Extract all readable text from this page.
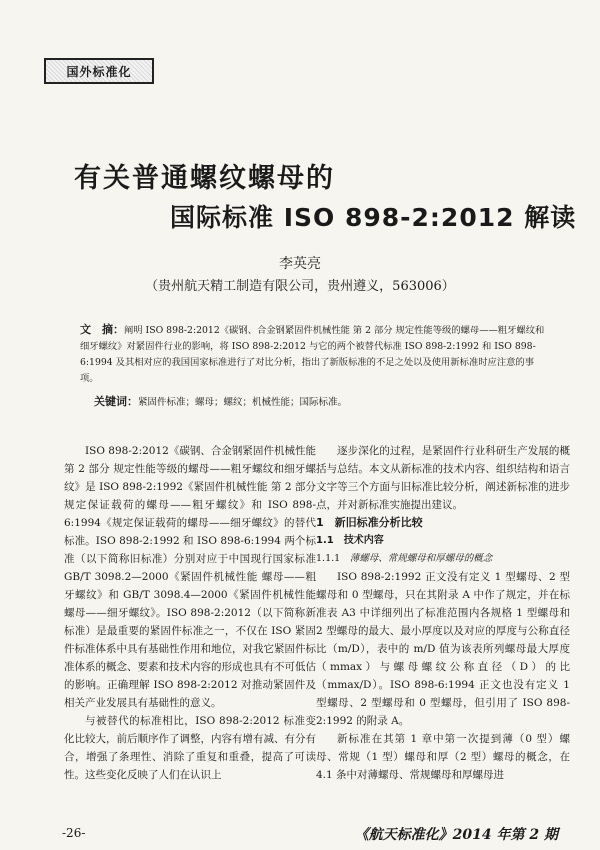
国外标准化
有关普通螺纹螺母的
国际标准 ISO 898-2:2012 解读
李英亮
（贵州航天精工制造有限公司，贵州遵义，563006）
文　摘：阐明 ISO 898-2:2012《碳钢、合金钢紧固件机械性能 第 2 部分 规定性能等级的螺母——粗牙螺纹和细牙螺纹》对紧固件行业的影响，将 ISO 898-2:2012 与它的两个被替代标准 ISO 898-2:1992 和 ISO 898-6:1994 及其相对应的我国国家标准进行了对比分析，指出了新版标准的不足之处以及使用新标准时应注意的事项。
关键词：紧固件标准；螺母；螺纹；机械性能；国际标准。

ISO 898-2:2012《碳钢、合金钢紧固件机械性能 第 2 部分 规定性能等级的螺母——粗牙螺纹和细牙螺纹》是 ISO 898-2:1992《紧固件机械性能 第 2 部分 规定保证载荷的螺母——粗牙螺纹》和 ISO 898-6:1994《规定保证载荷的螺母——细牙螺纹》的替代标准。ISO 898-2:1992 和 ISO 898-6:1994 两个标准（以下简称旧标准）分别对应于中国现行国家标准 GB/T 3098.2—2000《紧固件机械性能 螺母——粗牙螺纹》和 GB/T 3098.4—2000《紧固件机械性能 螺母——细牙螺纹》。ISO 898-2:2012（以下简称新标准）是最重要的紧固件标准之一，不仅在 ISO 紧固件标准体系中具有基础性作用和地位，对我它紧固件标准体系的概念、要素和技术内容的形成也具有不可低估的影响。正确理解 ISO 898-2:2012 对推动紧固件及相关产业发展具有基础性的意义。

与被替代的标准相比，ISO 898-2:2012 标准变化比较大，前后顺序作了调整，内容有增有减、有分有合，增强了条理性、消除了重复和重叠，提高了可读性。这些变化反映了人们在认识上

逐步深化的过程，是紧固件行业科研生产发展的概括与总结。本文从新标准的技术内容、组织结构和语言文字等三个方面与旧标准比较分析，阐述新标准的进步点，并对新标准实施提出建议。

1　新旧标准分析比较

1.1　技术内容

1.1.1　薄螺母、常规螺母和厚螺母的概念

ISO 898-2:1992 正文没有定义 1 型螺母、2 型螺母和 0 型螺母，只在其附录 A 中作了规定，并在标准表 A3 中详细列出了标准范围内各规格 1 型螺母和 2 型螺母的最大、最小厚度以及对应的厚度与公称直径比（m/D），表中的 m/D 值为该表所列螺母最大厚度（mmax）与螺母螺纹公称直径（D）的比（mmax/D）。ISO 898-6:1994 正文也没有定义 1 型螺母、2 型螺母和 0 型螺母，但引用了 ISO 898-2:1992 的附录 A。

新标准在其第 1 章中第一次提到薄（0 型）螺母、常规（1 型）螺母和厚（2 型）螺母的概念，在 4.1 条中对薄螺母、常规螺母和厚螺母进

-26-	《航天标准化》2014 年第 2 期
